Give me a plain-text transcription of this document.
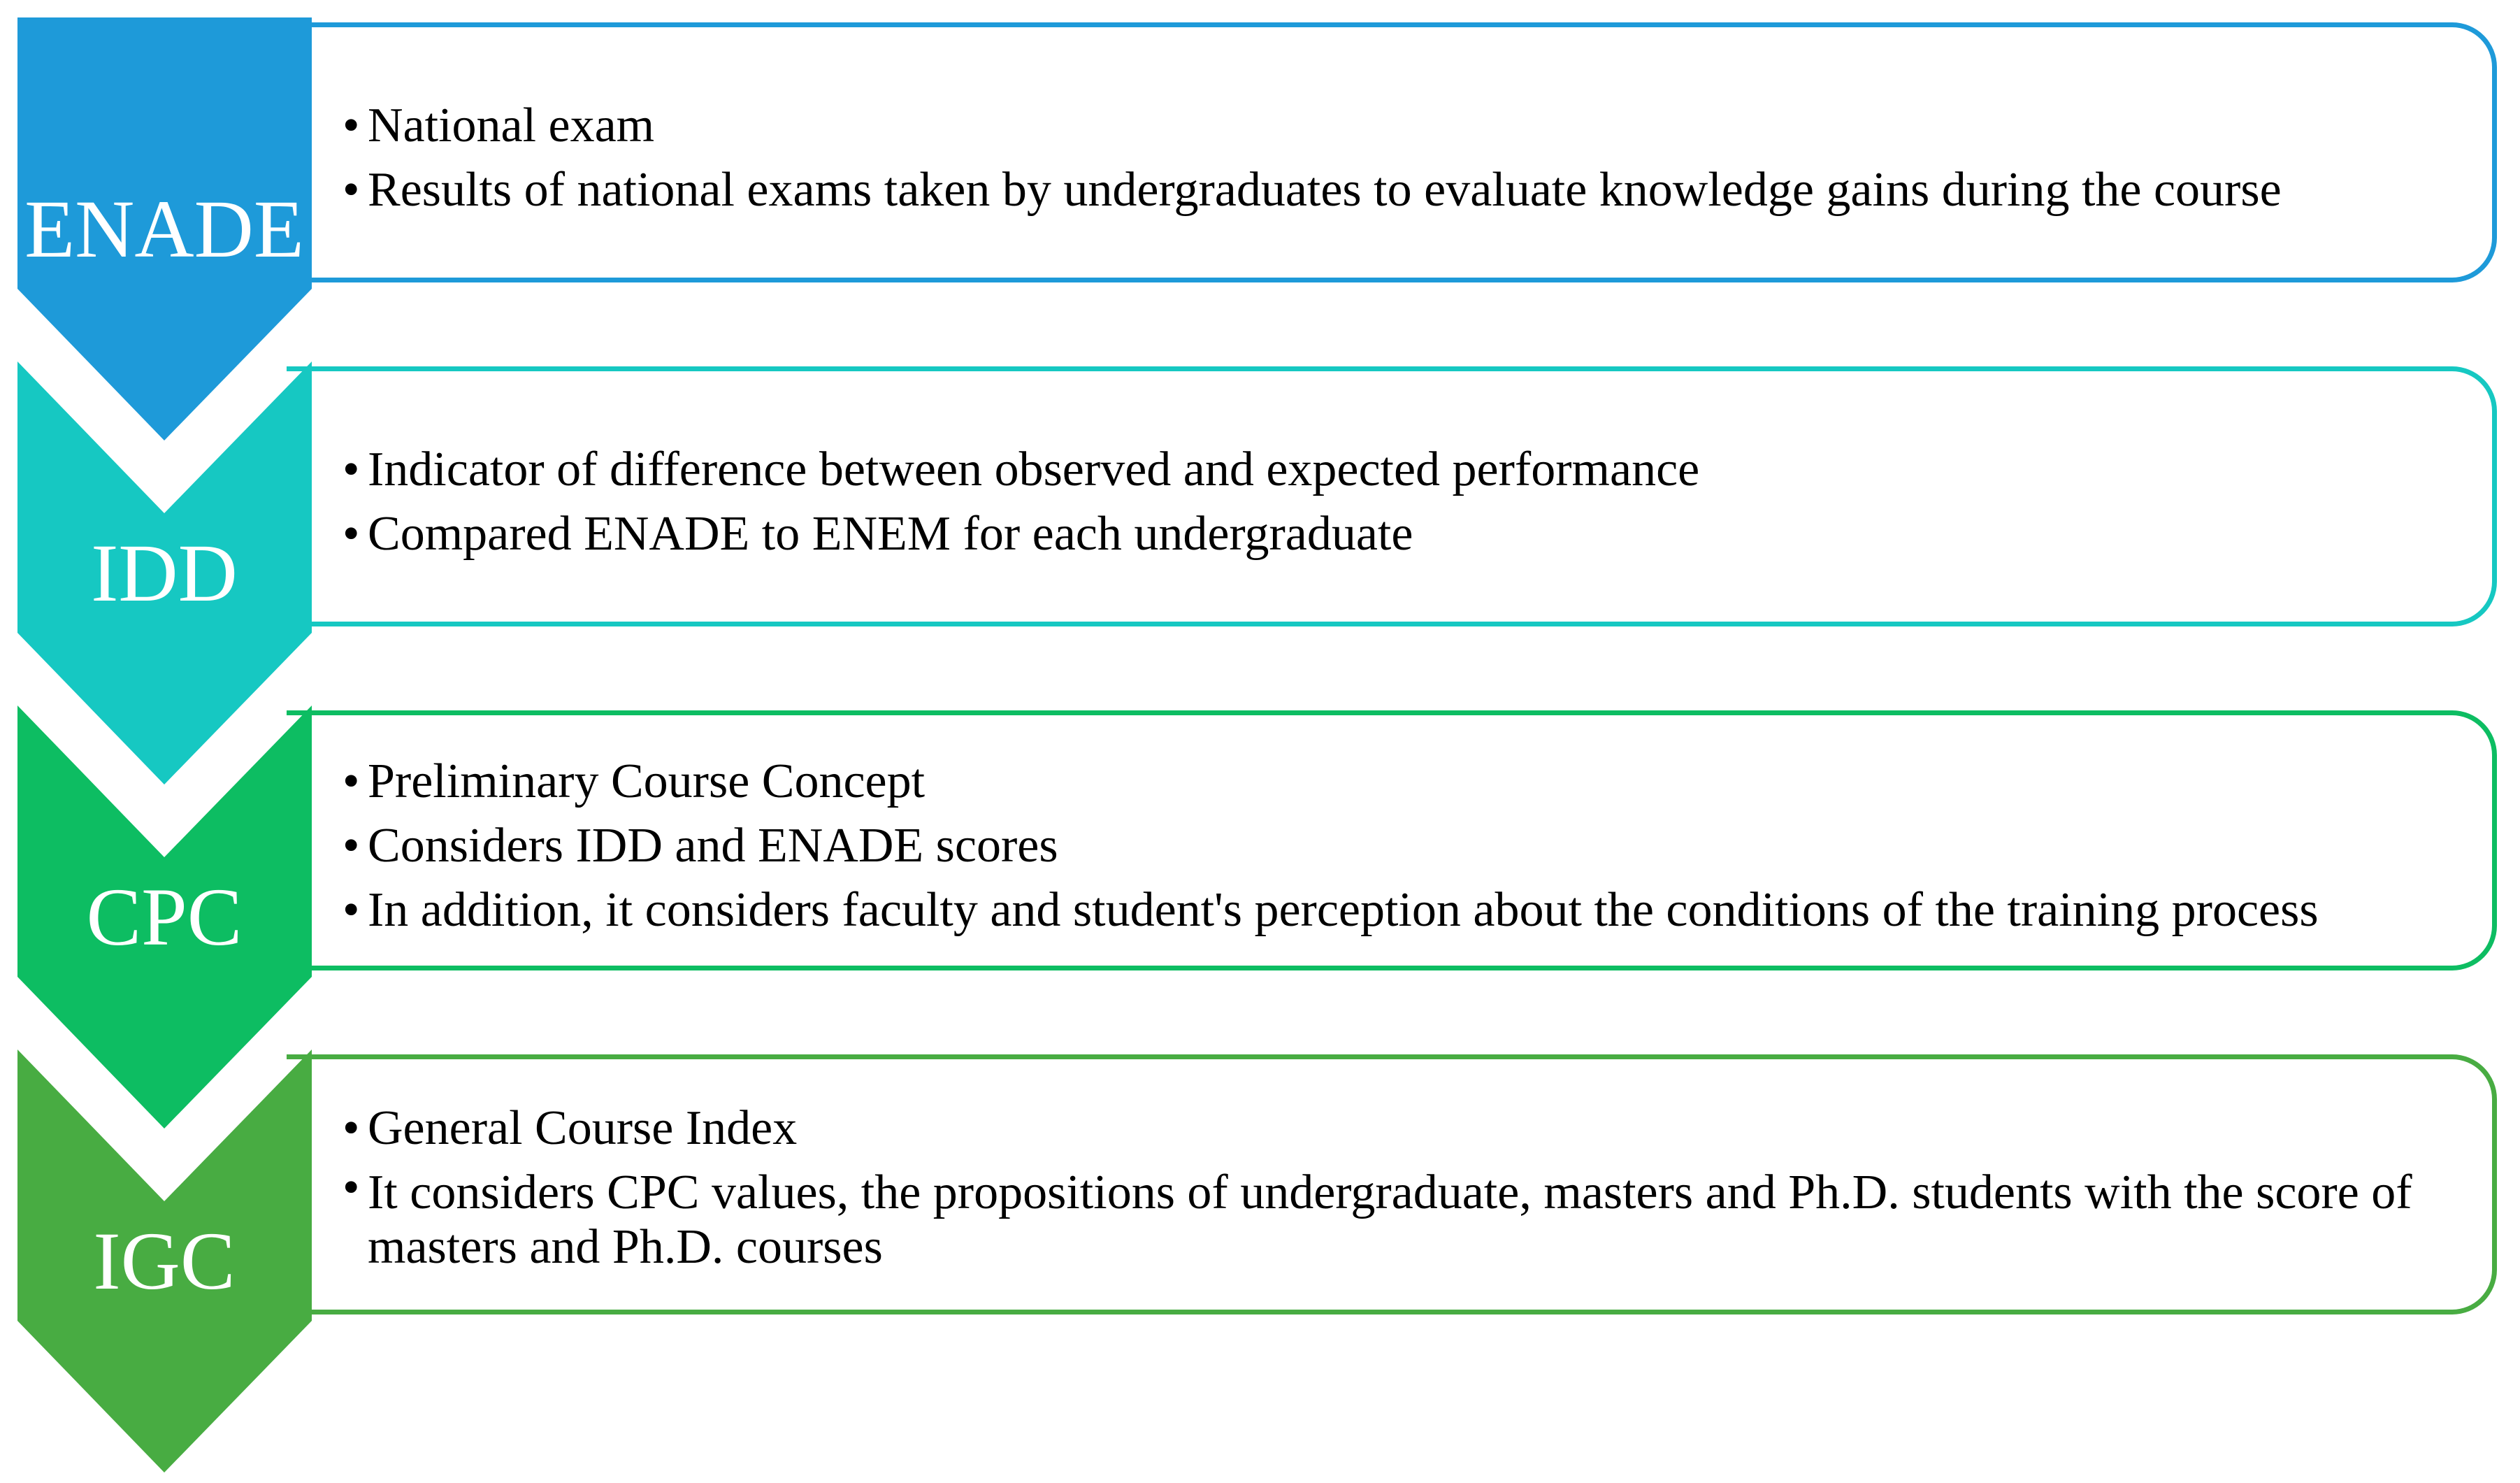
ENADE
• National exam
• Results of national exams taken by undergraduates to evaluate knowledge gains during the course
IDD
• Indicator of difference between observed and expected performance
• Compared ENADE to ENEM for each undergraduate
CPC
• Preliminary Course Concept
• Considers IDD and ENADE scores
• In addition, it considers faculty and student's perception about the conditions of the training process
IGC
• General Course Index
• It considers CPC values, the propositions of undergraduate, masters and Ph.D. students with the score of masters and Ph.D. courses
